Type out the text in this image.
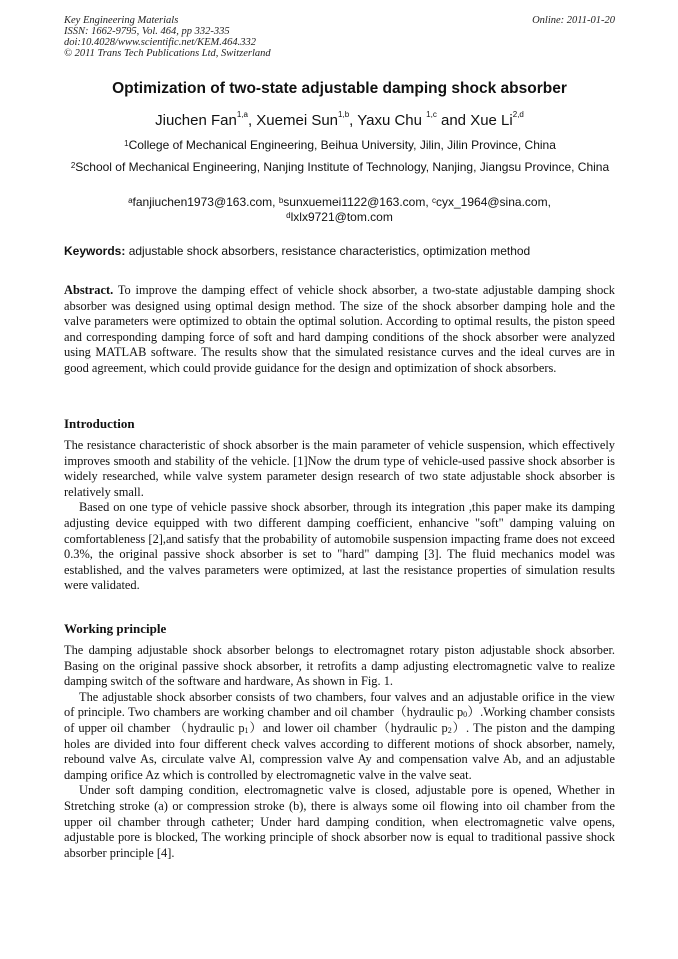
Key Engineering Materials
ISSN: 1662-9795, Vol. 464, pp 332-335
doi:10.4028/www.scientific.net/KEM.464.332
© 2011 Trans Tech Publications Ltd, Switzerland
Online: 2011-01-20
Optimization of two-state adjustable damping shock absorber
Jiuchen Fan$^{1,a}$, Xuemei Sun$^{1,b}$, Yaxu Chu $^{1,c}$ and Xue Li$^{2,d}$
$^1$College of Mechanical Engineering, Beihua University, Jilin, Jilin Province, China
$^2$School of Mechanical Engineering, Nanjing Institute of Technology, Nanjing, Jiangsu Province, China
$^a$fanjiuchen1973@163.com, $^b$sunxuemei1122@163.com, $^c$cyx_1964@sina.com,
$^d$lxlx9721@tom.com
Keywords: adjustable shock absorbers, resistance characteristics, optimization method

Abstract. To improve the damping effect of vehicle shock absorber, a two-state adjustable damping shock absorber was designed using optimal design method. The size of the shock absorber damping hole and the valve parameters were optimized to obtain the optimal solution. According to optimal results, the piston speed and corresponding damping force of soft and hard damping conditions of the shock absorber were analyzed using MATLAB software. The results show that the simulated resistance curves and the ideal curves are in good agreement, which could provide guidance for the design and optimization of shock absorbers.

Introduction

The resistance characteristic of shock absorber is the main parameter of vehicle suspension, which effectively improves smooth and stability of the vehicle. [1]Now the drum type of vehicle-used passive shock absorber is widely researched, while valve system parameter design research of two state adjustable shock absorber is relatively small.

Based on one type of vehicle passive shock absorber, through its integration ,this paper make its damping adjusting device equipped with two different damping coefficient, enhancive "soft" damping valuing on comfortableness [2],and satisfy that the probability of automobile suspension impacting frame does not exceed 0.3%, the original passive shock absorber is set to "hard" damping [3]. The fluid mechanics model was established, and the valves parameters were optimized, at last the resistance properties of simulation results were validated.

Working principle

The damping adjustable shock absorber belongs to electromagnet rotary piston adjustable shock absorber. Basing on the original passive shock absorber, it retrofits a damp adjusting electromagnetic valve to realize damping switch of the software and hardware, As shown in Fig. 1.

The adjustable shock absorber consists of two chambers, four valves and an adjustable orifice in the view of principle. Two chambers are working chamber and oil chamber（hydraulic $p_0).Working$ chamber consists of upper oil chamber （hydraulic $p_1)and$ lower oil chamber（hydraulic $p_2$）. The piston and the damping holes are divided into four different check valves according to different motions of shock absorber, namely, rebound valve As, circulate valve Al, compression valve Ay and compensation valve Ab, and an adjustable damping orifice Az which is controlled by electromagnetic valve in the valve seat.

Under soft damping condition, electromagnetic valve is closed, adjustable pore is opened, Whether in Stretching stroke (a) or compression stroke (b), there is always some oil flowing into oil chamber from the upper oil chamber through catheter; Under hard damping condition, when electromagnetic valve opens, adjustable pore is blocked, The working principle of shock absorber now is equal to traditional passive shock absorber principle [4].
